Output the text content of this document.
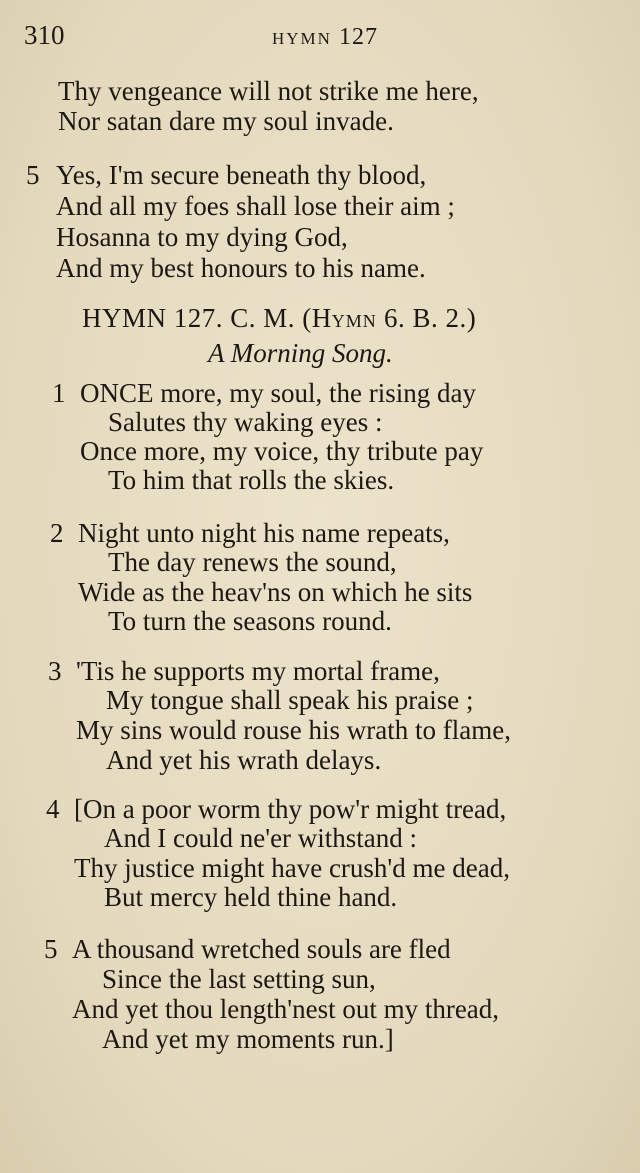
310	HYMN 127
Thy vengeance will not strike me here,
Nor satan dare my soul invade.
5 Yes, I'm secure beneath thy blood,
And all my foes shall lose their aim ;
Hosanna to my dying God,
And my best honours to his name.
HYMN 127. C. M. (HYMN 6. B. 2.)
A Morning Song.
1 ONCE more, my soul, the rising day
Salutes thy waking eyes :
Once more, my voice, thy tribute pay
To him that rolls the skies.
2 Night unto night his name repeats,
The day renews the sound,
Wide as the heav'ns on which he sits
To turn the seasons round.
3 'Tis he supports my mortal frame,
My tongue shall speak his praise ;
My sins would rouse his wrath to flame,
And yet his wrath delays.
4 [On a poor worm thy pow'r might tread,
And I could ne'er withstand :
Thy justice might have crush'd me dead,
But mercy held thine hand.
5 A thousand wretched souls are fled
Since the last setting sun,
And yet thou length'nest out my thread,
And yet my moments run.]
